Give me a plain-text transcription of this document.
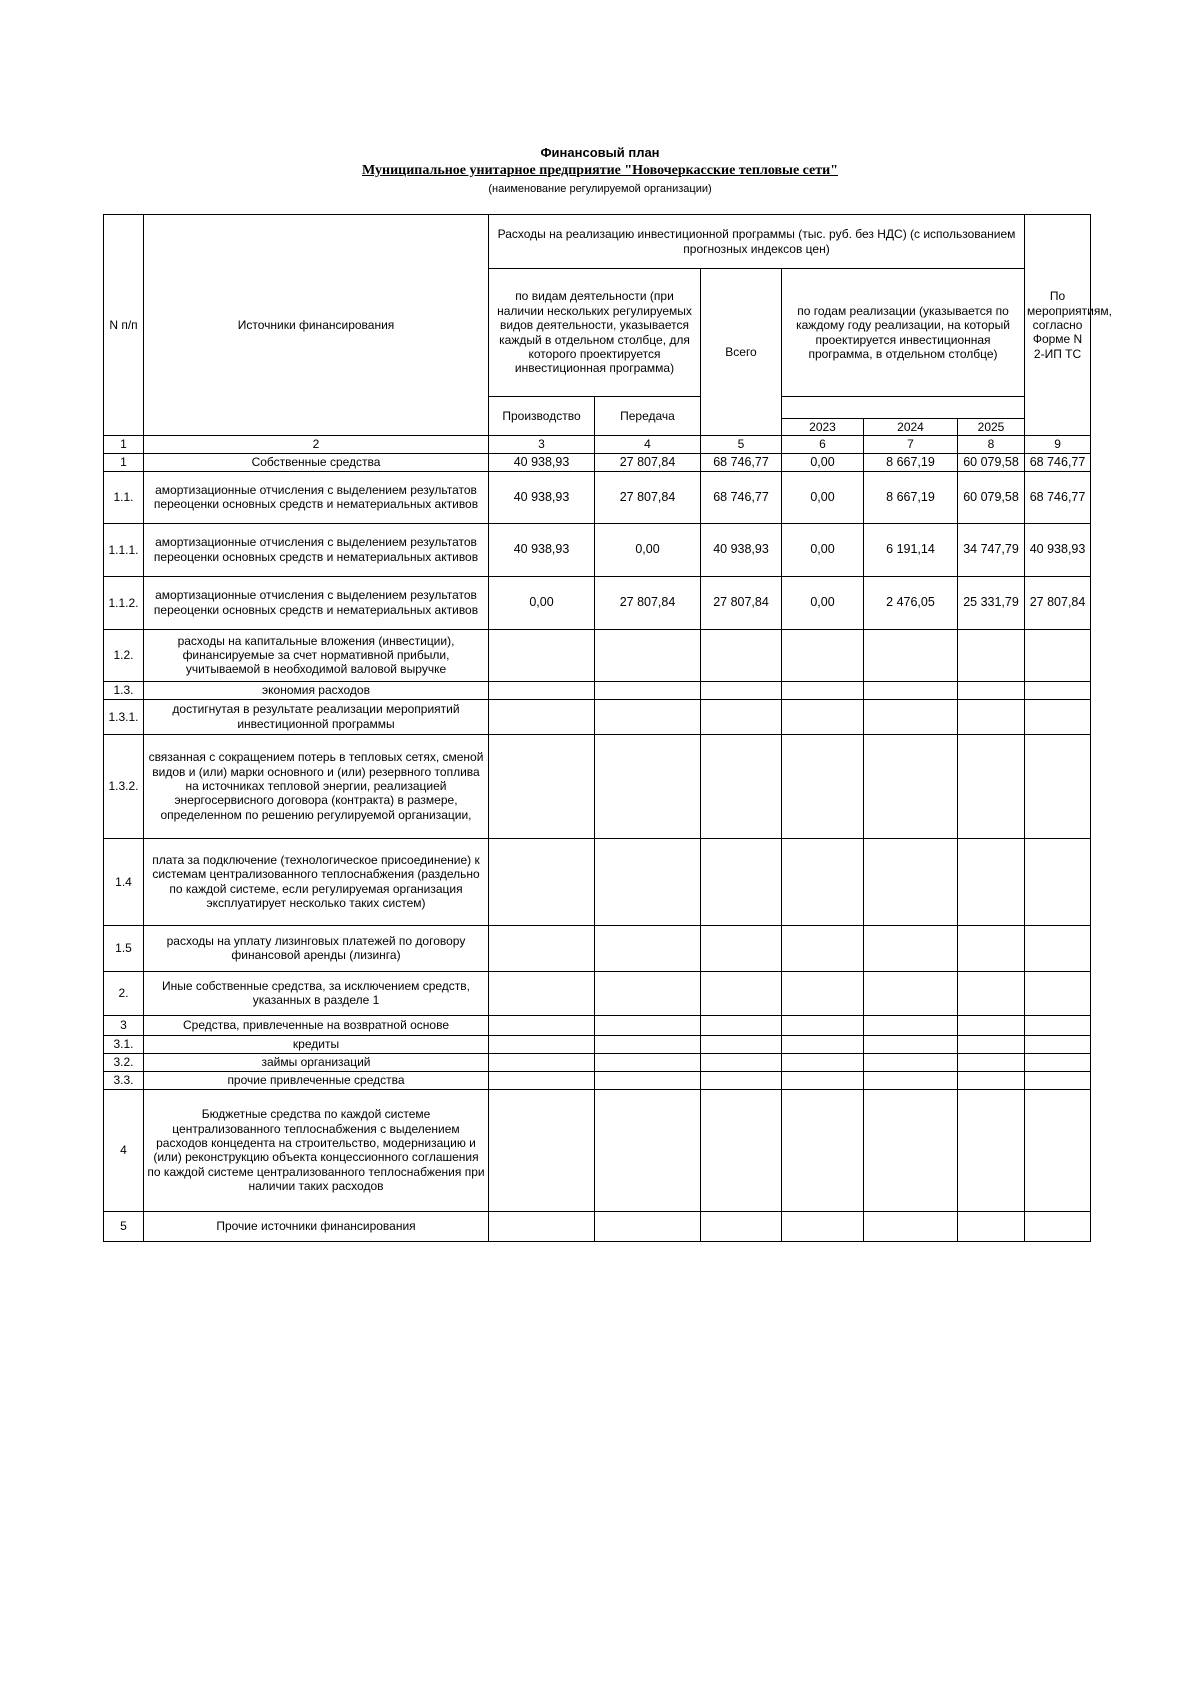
Финансовый план
Муниципальное унитарное предприятие "Новочеркасские тепловые сети"
(наименование регулируемой организации)
N п/п	Источники финансирования	Расходы на реализацию инвестиционной программы (тыс. руб. без НДС) (с использованием прогнозных индексов цен)						По мероприятиям, согласно Форме N 2-ИП ТС
		по видам деятельности (при наличии нескольких регулируемых видов деятельности, указывается каждый в отдельном столбце, для которого проектируется инвестиционная программа)		Всего	по годам реализации (указывается по каждому году реализации, на который проектируется инвестиционная программа, в отдельном столбце)			
		Производство	Передача					
					2023	2024	2025	

1	2	3	4	5	6	7	8	9
1	Собственные средства	40 938,93	27 807,84	68 746,77	0,00	8 667,19	60 079,58	68 746,77
1.1.	амортизационные отчисления с выделением результатов переоценки основных средств и нематериальных активов	40 938,93	27 807,84	68 746,77	0,00	8 667,19	60 079,58	68 746,77
1.1.1.	амортизационные отчисления с выделением результатов переоценки основных средств и нематериальных активов	40 938,93	0,00	40 938,93	0,00	6 191,14	34 747,79	40 938,93
1.1.2.	амортизационные отчисления с выделением результатов переоценки основных средств и нематериальных активов	0,00	27 807,84	27 807,84	0,00	2 476,05	25 331,79	27 807,84
1.2.	расходы на капитальные вложения (инвестиции), финансируемые за счет нормативной прибыли, учитываемой в необходимой валовой выручке							
1.3.	экономия расходов							
1.3.1.	достигнутая в результате реализации мероприятий инвестиционной программы							
1.3.2.	связанная с сокращением потерь в тепловых сетях, сменой видов и (или) марки основного и (или) резервного топлива на источниках тепловой энергии, реализацией энергосервисного договора (контракта) в размере, определенном по решению регулируемой организации,							
1.4	плата за подключение (технологическое присоединение) к системам централизованного теплоснабжения (раздельно по каждой системе, если регулируемая организация эксплуатирует несколько таких систем)							
1.5	расходы на уплату лизинговых платежей по договору финансовой аренды (лизинга)							
2.	Иные собственные средства, за исключением средств, указанных в разделе 1							
3	Средства, привлеченные на возвратной основе							
3.1.	кредиты							
3.2.	займы организаций							
3.3.	прочие привлеченные средства							
4	Бюджетные средства по каждой системе централизованного теплоснабжения с выделением расходов концедента на строительство, модернизацию и (или) реконструкцию объекта концессионного соглашения по каждой системе централизованного теплоснабжения при наличии таких расходов							
5	Прочие источники финансирования							
